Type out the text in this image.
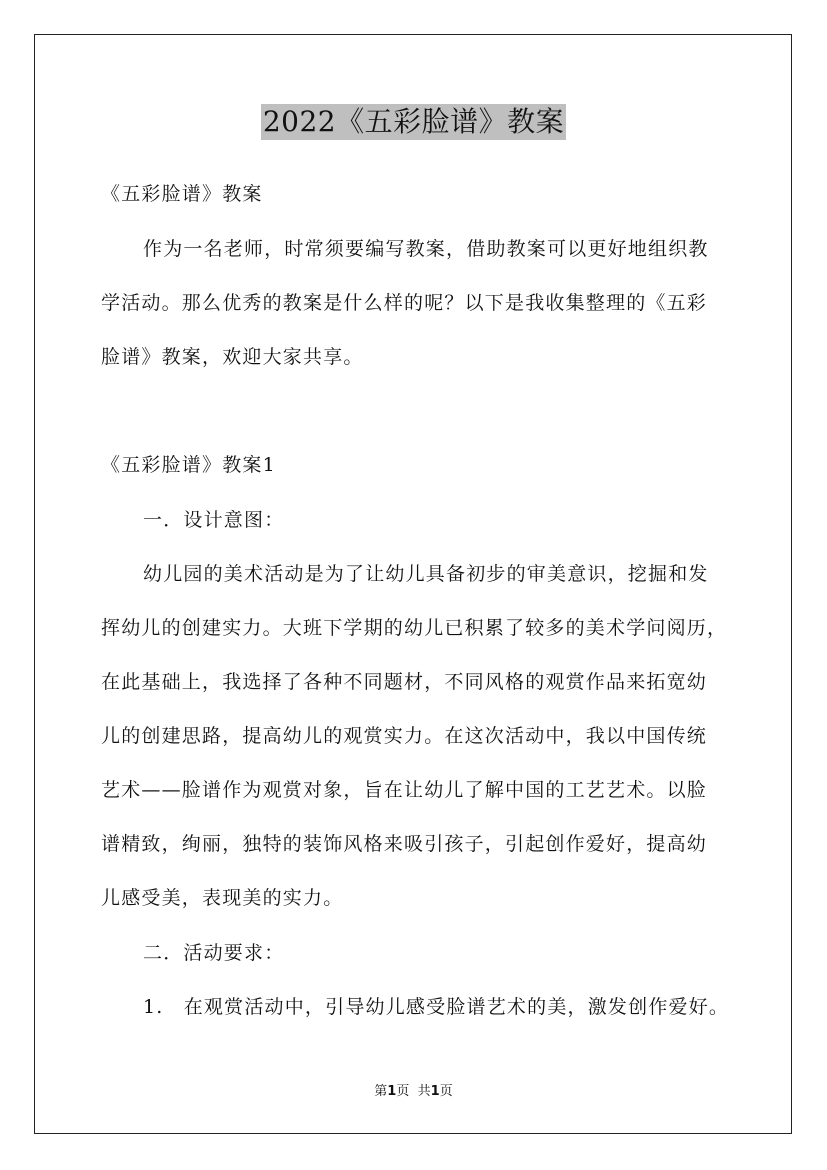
2022《五彩脸谱》教案
《五彩脸谱》教案
作为一名老师，时常须要编写教案，借助教案可以更好地组织教
学活动。那么优秀的教案是什么样的呢？以下是我收集整理的《五彩
脸谱》教案，欢迎大家共享。
《五彩脸谱》教案1
一．设计意图：
幼儿园的美术活动是为了让幼儿具备初步的审美意识，挖掘和发
挥幼儿的创建实力。大班下学期的幼儿已积累了较多的美术学问阅历，
在此基础上，我选择了各种不同题材，不同风格的观赏作品来拓宽幼
儿的创建思路，提高幼儿的观赏实力。在这次活动中，我以中国传统
艺术——脸谱作为观赏对象，旨在让幼儿了解中国的工艺艺术。以脸
谱精致，绚丽，独特的装饰风格来吸引孩子，引起创作爱好，提高幼
儿感受美，表现美的实力。
二．活动要求：
1.　在观赏活动中，引导幼儿感受脸谱艺术的美，激发创作爱好。
第1页 共1页
